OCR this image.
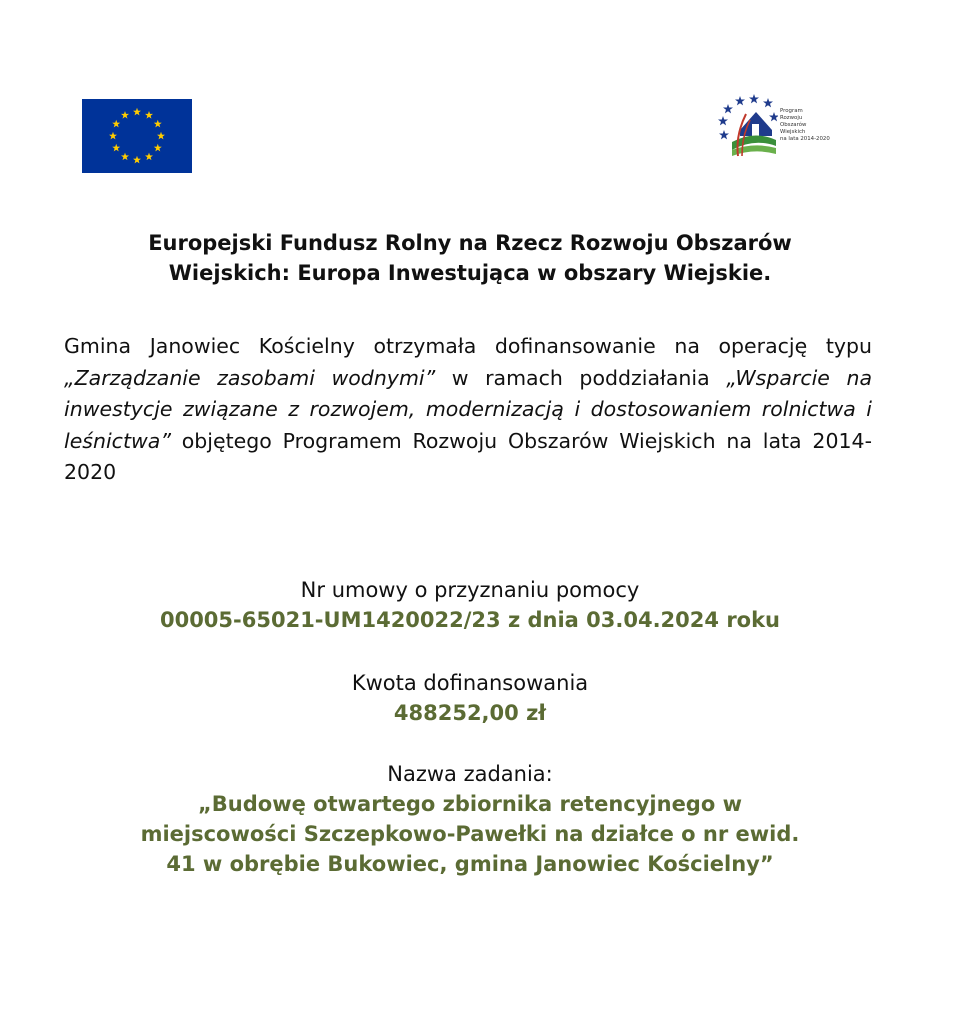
Program
Rozwoju
Obszarów
Wiejskich
na lata 2014-2020
Europejski Fundusz Rolny na Rzecz Rozwoju Obszarów
Wiejskich: Europa Inwestująca w obszary Wiejskie.

Gmina Janowiec Kościelny otrzymała dofinansowanie na operację typu „Zarządzanie zasobami wodnymi” w ramach poddziałania „Wsparcie na inwestycje związane z rozwojem, modernizacją i dostosowaniem rolnictwa i leśnictwa” objętego Programem Rozwoju Obszarów Wiejskich na lata 2014-2020

Nr umowy o przyznaniu pomocy
00005-65021-UM1420022/23 z dnia 03.04.2024 roku
Kwota dofinansowania
488252,00 zł
Nazwa zadania:
„Budowę otwartego zbiornika retencyjnego w
miejscowości Szczepkowo-Pawełki na działce o nr ewid.
41 w obrębie Bukowiec, gmina Janowiec Kościelny”
